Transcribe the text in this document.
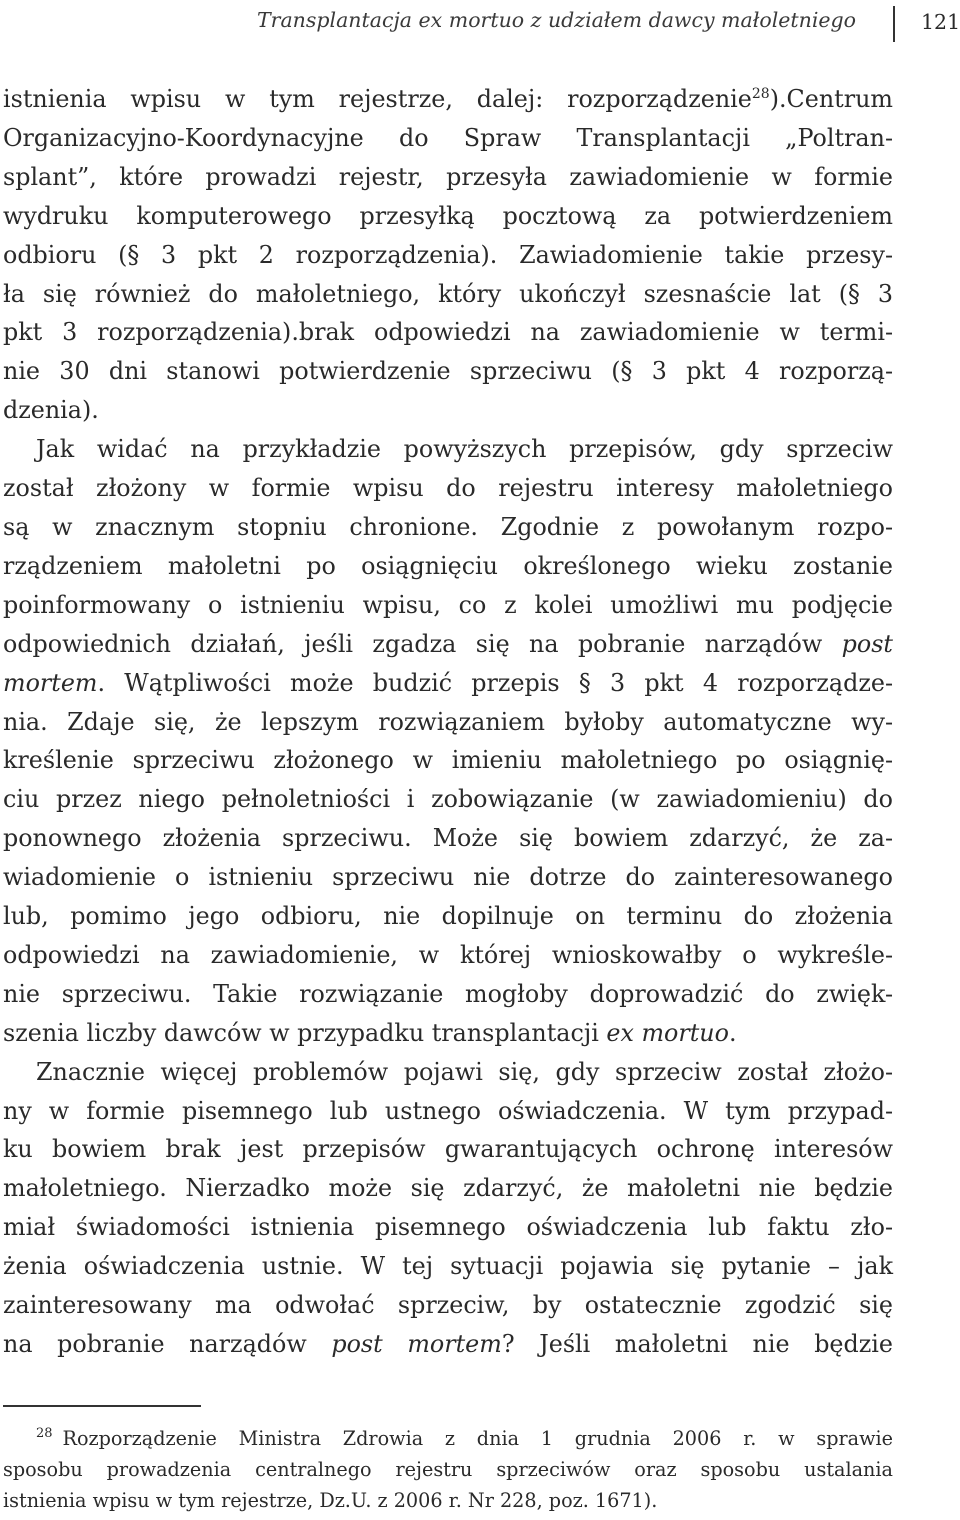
Transplantacja ex mortuo z udziałem dawcy małoletniego	121

istnienia wpisu w tym rejestrze, dalej: rozporządzenie$^{28}$).Centrum
Organizacyjno-Koordynacyjne do Spraw Transplantacji „Poltran-
splant”, które prowadzi rejestr, przesyła zawiadomienie w formie
wydruku komputerowego przesyłką pocztową za potwierdzeniem
odbioru (§ 3 pkt 2 rozporządzenia). Zawiadomienie takie przesy-
ła się również do małoletniego, który ukończył szesnaście lat (§ 3
pkt 3 rozporządzenia).brak odpowiedzi na zawiadomienie w termi-
nie 30 dni stanowi potwierdzenie sprzeciwu (§ 3 pkt 4 rozporzą-
dzenia).

Jak widać na przykładzie powyższych przepisów, gdy sprzeciw
został złożony w formie wpisu do rejestru interesy małoletniego
są w znacznym stopniu chronione. Zgodnie z powołanym rozpo-
rządzeniem małoletni po osiągnięciu określonego wieku zostanie
poinformowany o istnieniu wpisu, co z kolei umożliwi mu podjęcie
odpowiednich działań, jeśli zgadza się na pobranie narządów post
mortem. Wątpliwości może budzić przepis § 3 pkt 4 rozporządze-
nia. Zdaje się, że lepszym rozwiązaniem byłoby automatyczne wy-
kreślenie sprzeciwu złożonego w imieniu małoletniego po osiągnię-
ciu przez niego pełnoletniości i zobowiązanie (w zawiadomieniu) do
ponownego złożenia sprzeciwu. Może się bowiem zdarzyć, że za-
wiadomienie o istnieniu sprzeciwu nie dotrze do zainteresowanego
lub, pomimo jego odbioru, nie dopilnuje on terminu do złożenia
odpowiedzi na zawiadomienie, w której wnioskowałby o wykreśle-
nie sprzeciwu. Takie rozwiązanie mogłoby doprowadzić do zwięk-
szenia liczby dawców w przypadku transplantacji ex mortuo.

Znacznie więcej problemów pojawi się, gdy sprzeciw został złożo-
ny w formie pisemnego lub ustnego oświadczenia. W tym przypad-
ku bowiem brak jest przepisów gwarantujących ochronę interesów
małoletniego. Nierzadko może się zdarzyć, że małoletni nie będzie
miał świadomości istnienia pisemnego oświadczenia lub faktu zło-
żenia oświadczenia ustnie. W tej sytuacji pojawia się pytanie – jak
zainteresowany ma odwołać sprzeciw, by ostatecznie zgodzić się
na pobranie narządów post mortem? Jeśli małoletni nie będzie

$^{28}$ Rozporządzenie Ministra Zdrowia z dnia 1 grudnia 2006 r. w sprawie
sposobu prowadzenia centralnego rejestru sprzeciwów oraz sposobu ustalania
istnienia wpisu w tym rejestrze, Dz.U. z 2006 r. Nr 228, poz. 1671).
